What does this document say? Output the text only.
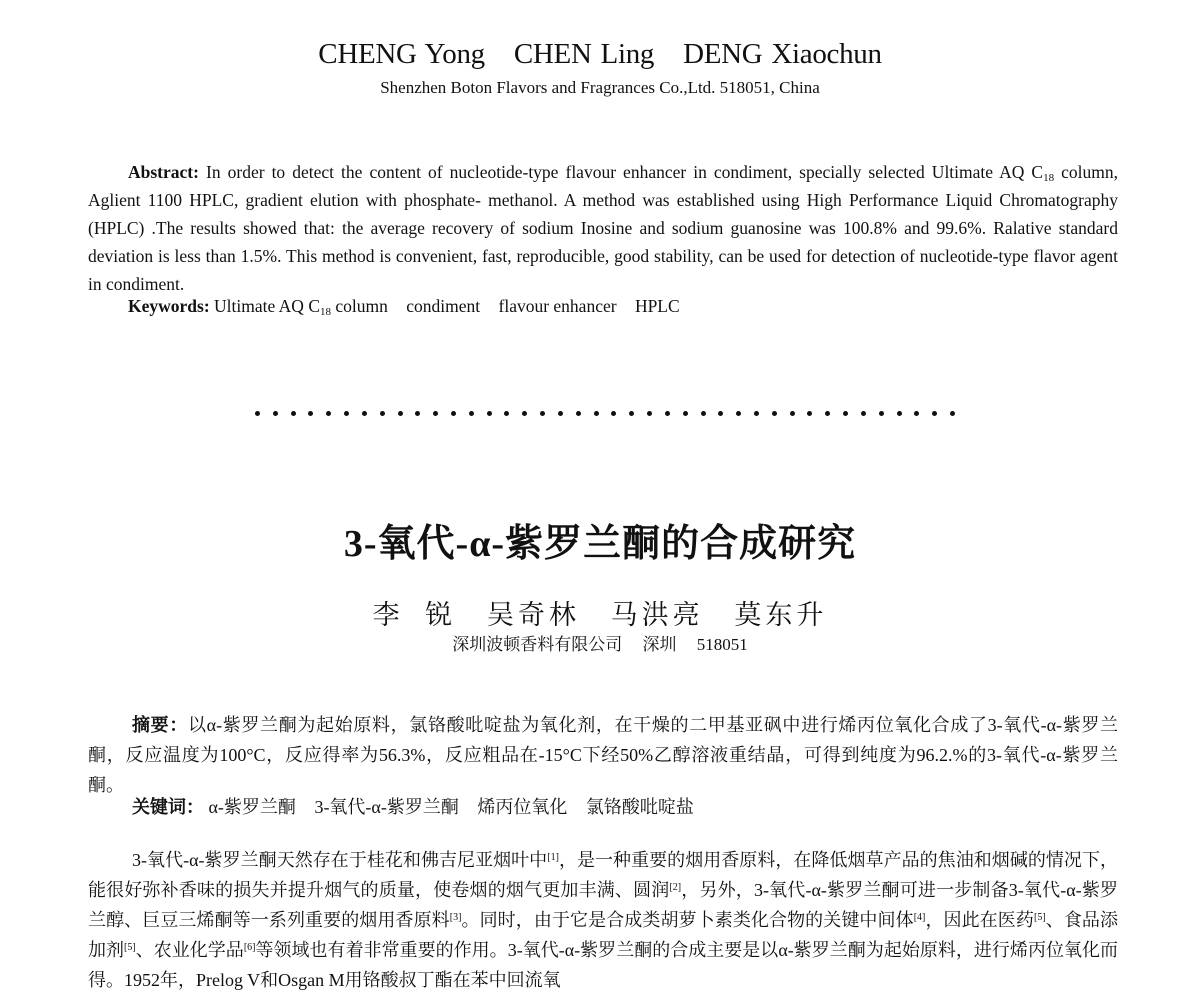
CHENG Yong CHEN Ling DENG Xiaochun
Shenzhen Boton Flavors and Fragrances Co.,Ltd. 518051, China
Abstract: In order to detect the content of nucleotide-type flavour enhancer in condiment, specially selected Ultimate AQ $C_{18}$ column, Aglient 1100 HPLC, gradient elution with phosphate- methanol. A method was established using High Performance Liquid Chromatography (HPLC) .The results showed that: the average recovery of sodium Inosine and sodium guanosine was 100.8% and 99.6%. Ralative standard deviation is less than 1.5%. This method is convenient, fast, reproducible, good stability, can be used for detection of nucleotide-type flavor agent in condiment.
Keywords: Ultimate AQ $C_{18}$ column condiment flavour enhancer HPLC
3-氧代-α-紫罗兰酮的合成研究
李  锐 吴奇林 马洪亮 莫东升
深圳波顿香料有限公司 深圳 518051
摘要：以α-紫罗兰酮为起始原料，氯铬酸吡啶盐为氧化剂，在干燥的二甲基亚砜中进行烯丙位氧化合成了3-氧代-α-紫罗兰酮，反应温度为100°C，反应得率为56.3%，反应粗品在-15°C下经50%乙醇溶液重结晶，可得到纯度为96.2.%的3-氧代-α-紫罗兰酮。
关键词： α-紫罗兰酮 3-氧代-α-紫罗兰酮 烯丙位氧化 氯铬酸吡啶盐
3-氧代-α-紫罗兰酮天然存在于桂花和佛吉尼亚烟叶中[1]，是一种重要的烟用香原料，在降低烟草产品的焦油和烟碱的情况下，能很好弥补香味的损失并提升烟气的质量，使卷烟的烟气更加丰满、圆润[2]，另外，3-氧代-α-紫罗兰酮可进一步制备3-氧代-α-紫罗兰醇、巨豆三烯酮等一系列重要的烟用香原料[3]。同时，由于它是合成类胡萝卜素类化合物的关键中间体[4]，因此在医药[5]、食品添加剂[5]、农业化学品[6]等领域也有着非常重要的作用。3-氧代-α-紫罗兰酮的合成主要是以α-紫罗兰酮为起始原料，进行烯丙位氧化而得。1952年，Prelog V和Osgan M用铬酸叔丁酯在苯中回流氧
